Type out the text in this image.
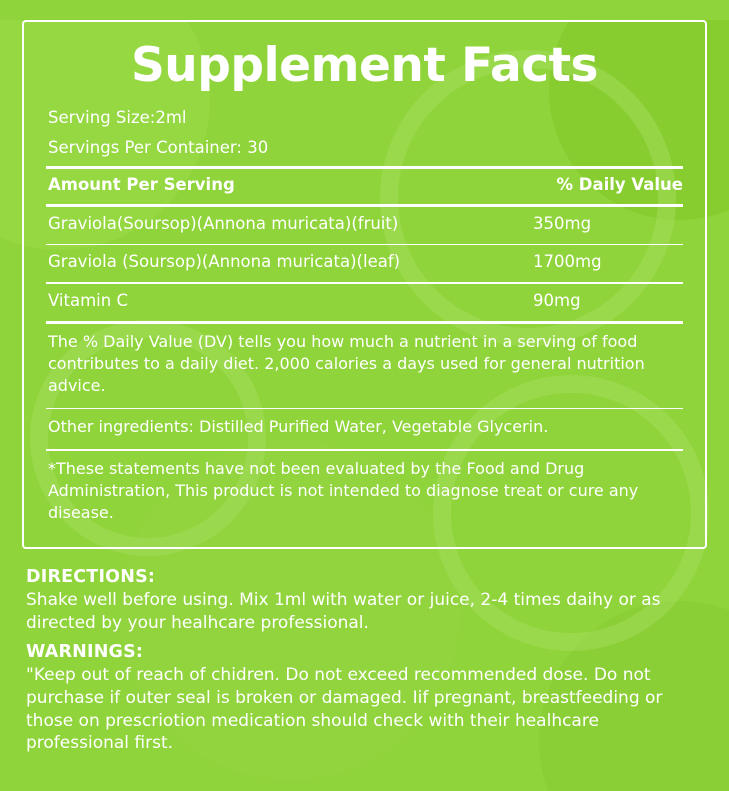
Supplement Facts
Serving Size:2ml
Servings Per Container: 30
Amount Per Serving	% Daily Value
Graviola(Soursop)(Annona muricata)(fruit)	350mg
Graviola (Soursop)(Annona muricata)(leaf)	1700mg
Vitamin C	90mg
The % Daily Value (DV) tells you how much a nutrient in a serving of food contributes to a daily diet. 2,000 calories a days used for general nutrition advice.
Other ingredients: Distilled Purified Water, Vegetable Glycerin.
*These statements have not been evaluated by the Food and Drug Administration, This product is not intended to diagnose treat or cure any disease.
DIRECTIONS:
Shake well before using. Mix 1ml with water or juice, 2-4 times daihy or as directed by your healhcare professional.
WARNINGS:
"Keep out of reach of chidren. Do not exceed recommended dose. Do not purchase if outer seal is broken or damaged. Iif pregnant, breastfeeding or those on prescriotion medication should check with their healhcare professional first.
